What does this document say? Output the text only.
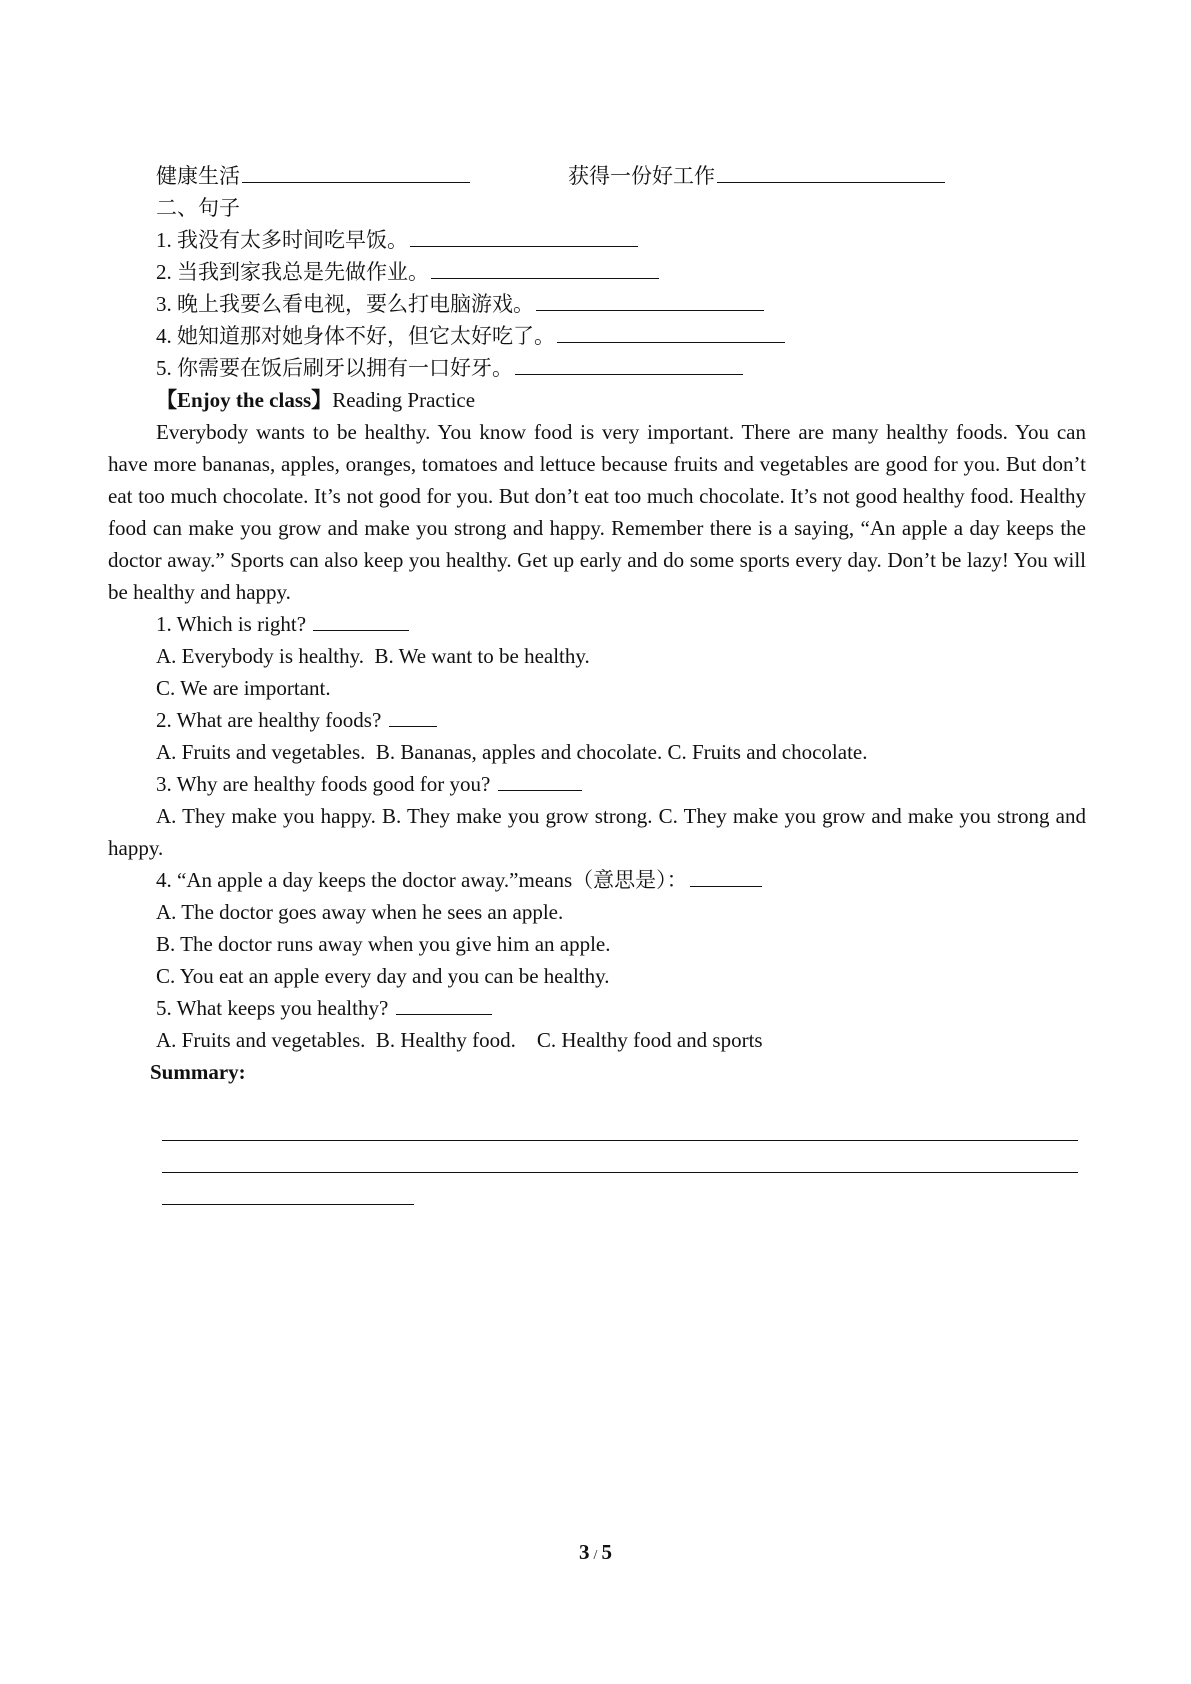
健康生活	获得一份好工作
二、句子
1. 我没有太多时间吃早饭。
2. 当我到家我总是先做作业。
3. 晚上我要么看电视，要么打电脑游戏。
4. 她知道那对她身体不好，但它太好吃了。
5. 你需要在饭后刷牙以拥有一口好牙。
【Enjoy the class】Reading Practice
Everybody wants to be healthy. You know food is very important. There are many healthy foods. You can have more bananas, apples, oranges, tomatoes and lettuce because fruits and vegetables are good for you. But don’t eat too much chocolate. It’s not good for you. But don’t eat too much chocolate. It’s not good healthy food. Healthy food can make you grow and make you strong and happy. Remember there is a saying, “An apple a day keeps the doctor away.” Sports can also keep you healthy. Get up early and do some sports every day. Don’t be lazy! You will be healthy and happy.
1. Which is right?
A. Everybody is healthy.  B. We want to be healthy.
C. We are important.
2. What are healthy foods?
A. Fruits and vegetables.  B. Bananas, apples and chocolate. C. Fruits and chocolate.
3. Why are healthy foods good for you?
A. They make you happy. B. They make you grow strong. C. They make you grow and make you strong and happy.
4. “An apple a day keeps the doctor away.”means（意思是）：
A. The doctor goes away when he sees an apple.
B. The doctor runs away when you give him an apple.
C. You eat an apple every day and you can be healthy.
5. What keeps you healthy?
A. Fruits and vegetables.  B. Healthy food.    C. Healthy food and sports
Summary:
3 / 5
